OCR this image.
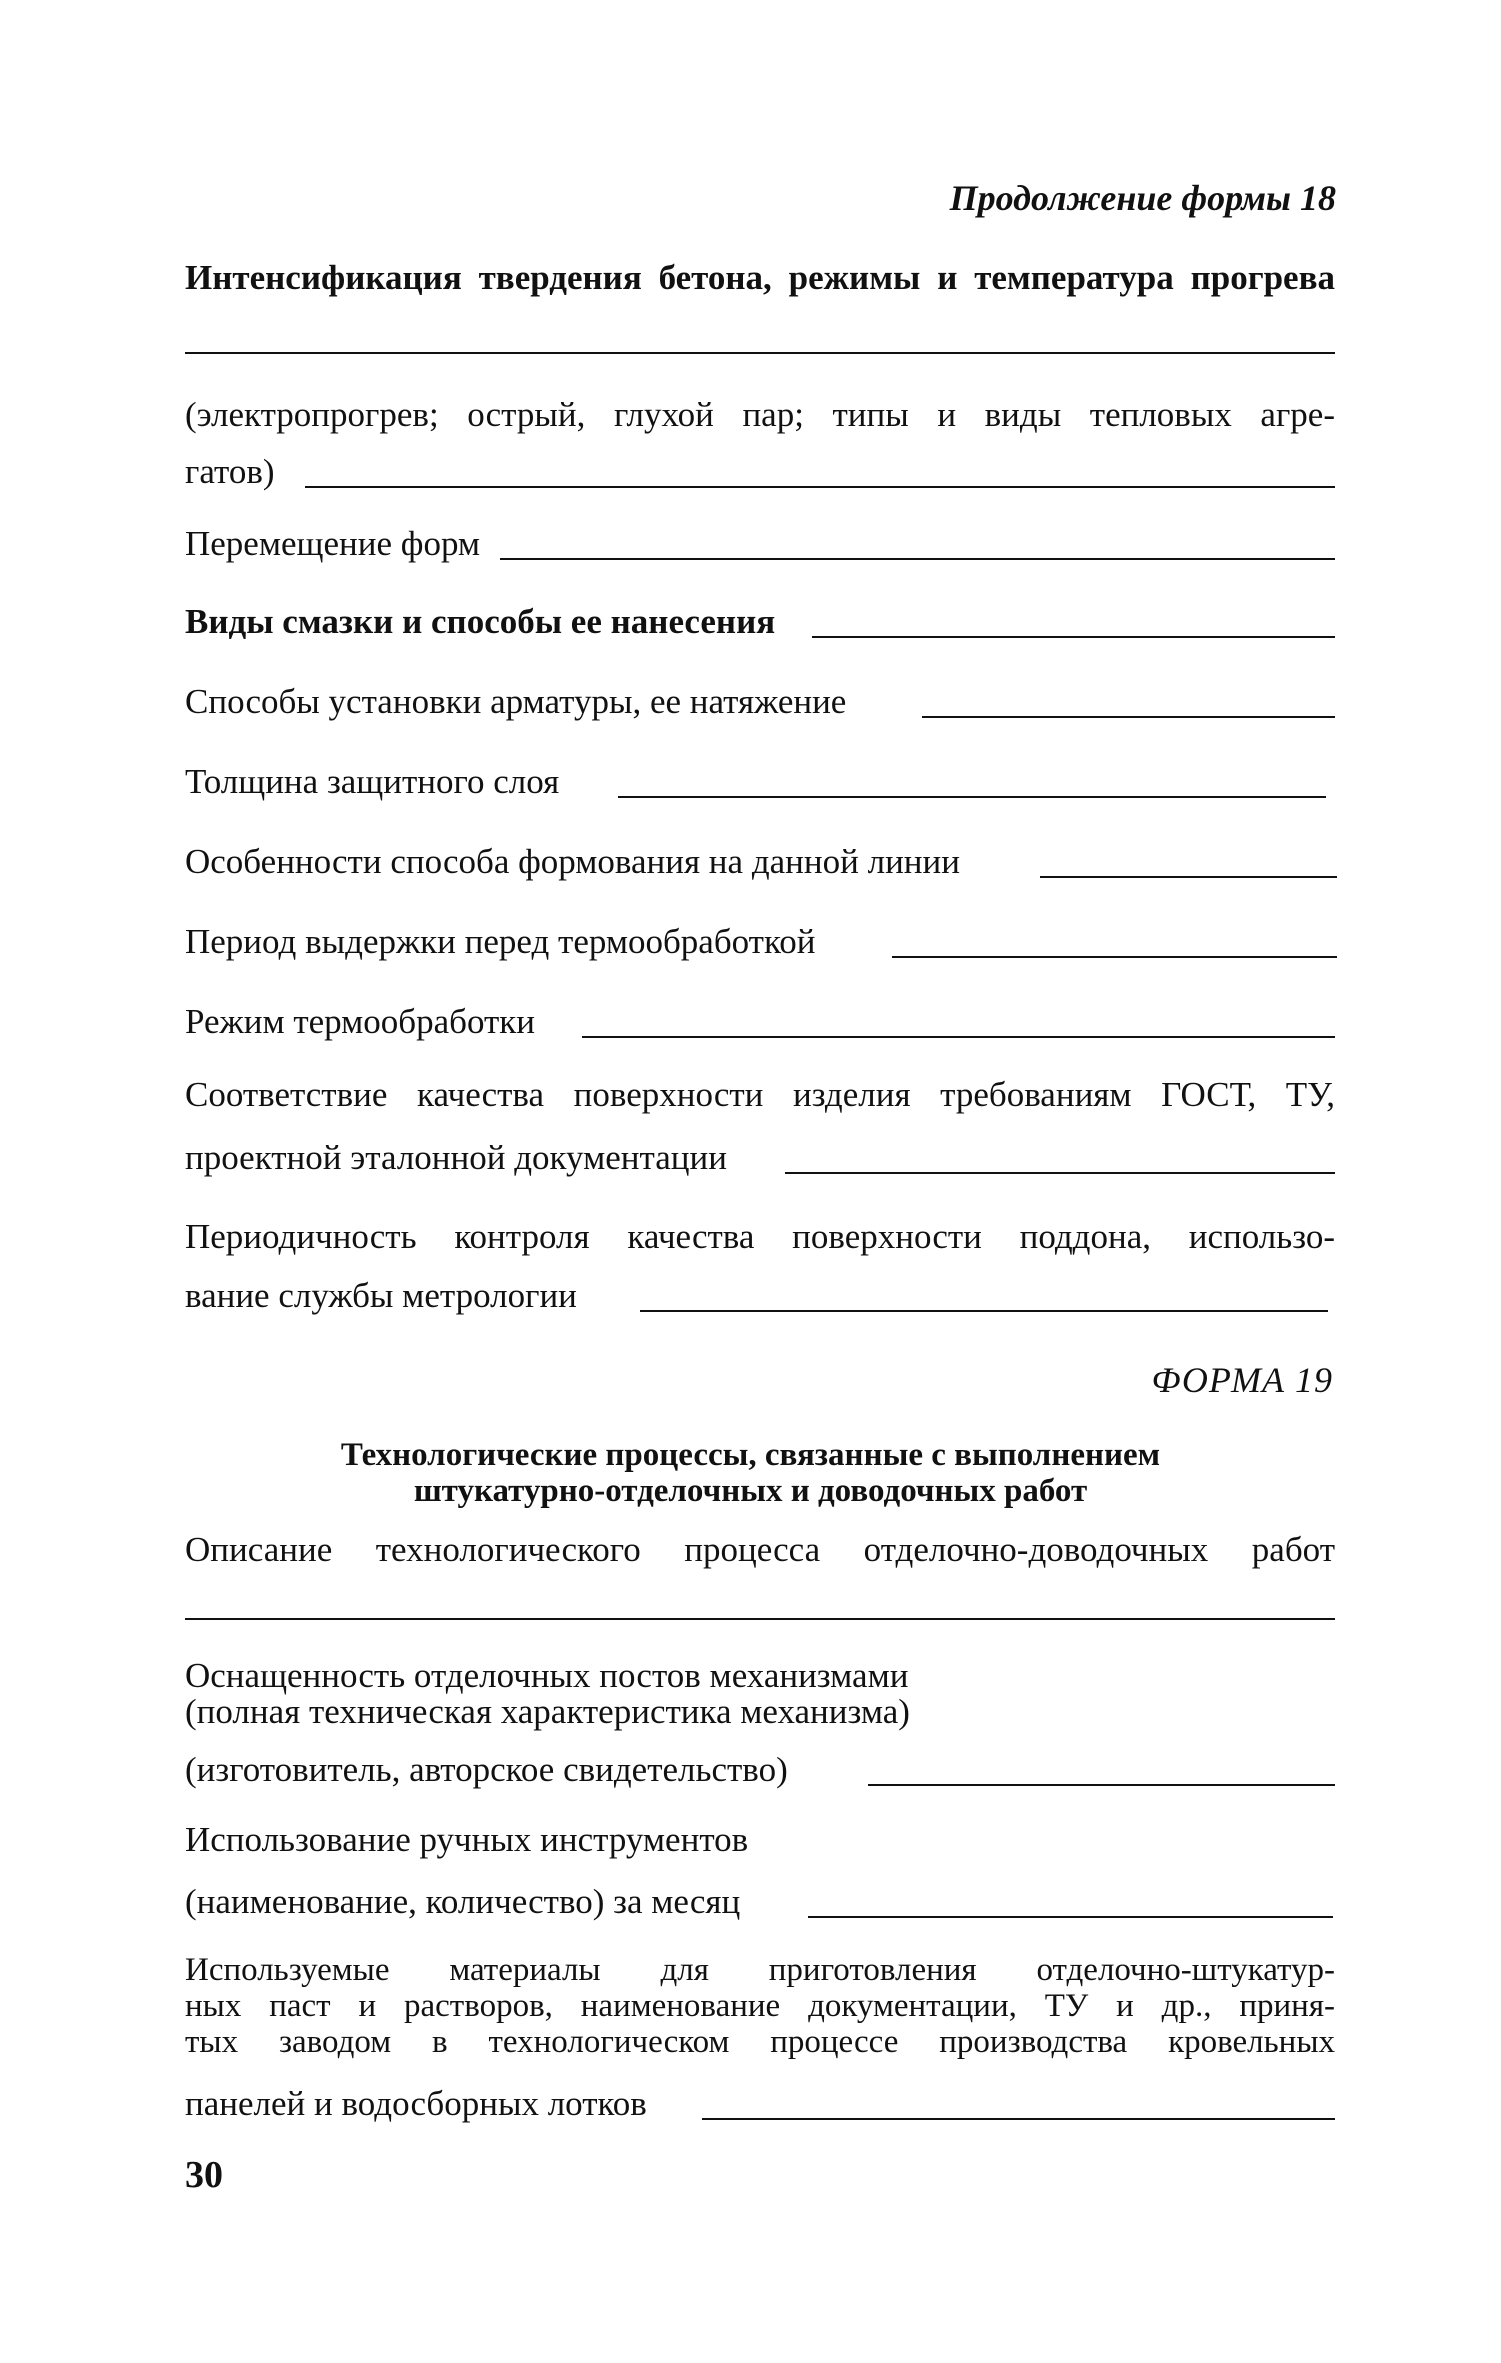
Продолжение формы 18
Интенсификация твердения бетона, режимы и температура прогрева
(электропрогрев; острый, глухой пар; типы и виды тепловых агре-
гатов)
Перемещение форм
Виды смазки и способы ее нанесения
Способы установки арматуры, ее натяжение
Толщина защитного слоя
Особенности способа формования на данной линии
Период выдержки перед термообработкой
Режим термообработки
Соответствие качества поверхности изделия требованиям ГОСТ, ТУ,
проектной эталонной документации
Периодичность контроля качества поверхности поддона, использо-
вание службы метрологии
ФОРМА 19
Технологические процессы, связанные с выполнением
штукатурно-отделочных и доводочных работ
Описание технологического процесса отделочно-доводочных работ
Оснащенность отделочных постов механизмами
(полная техническая характеристика механизма)
(изготовитель, авторское свидетельство)
Использование ручных инструментов
(наименование, количество) за месяц
Используемые материалы для приготовления отделочно-штукатур-
ных паст и растворов, наименование документации, ТУ и др., приня-
тых заводом в технологическом процессе производства кровельных
панелей и водосборных лотков
30
